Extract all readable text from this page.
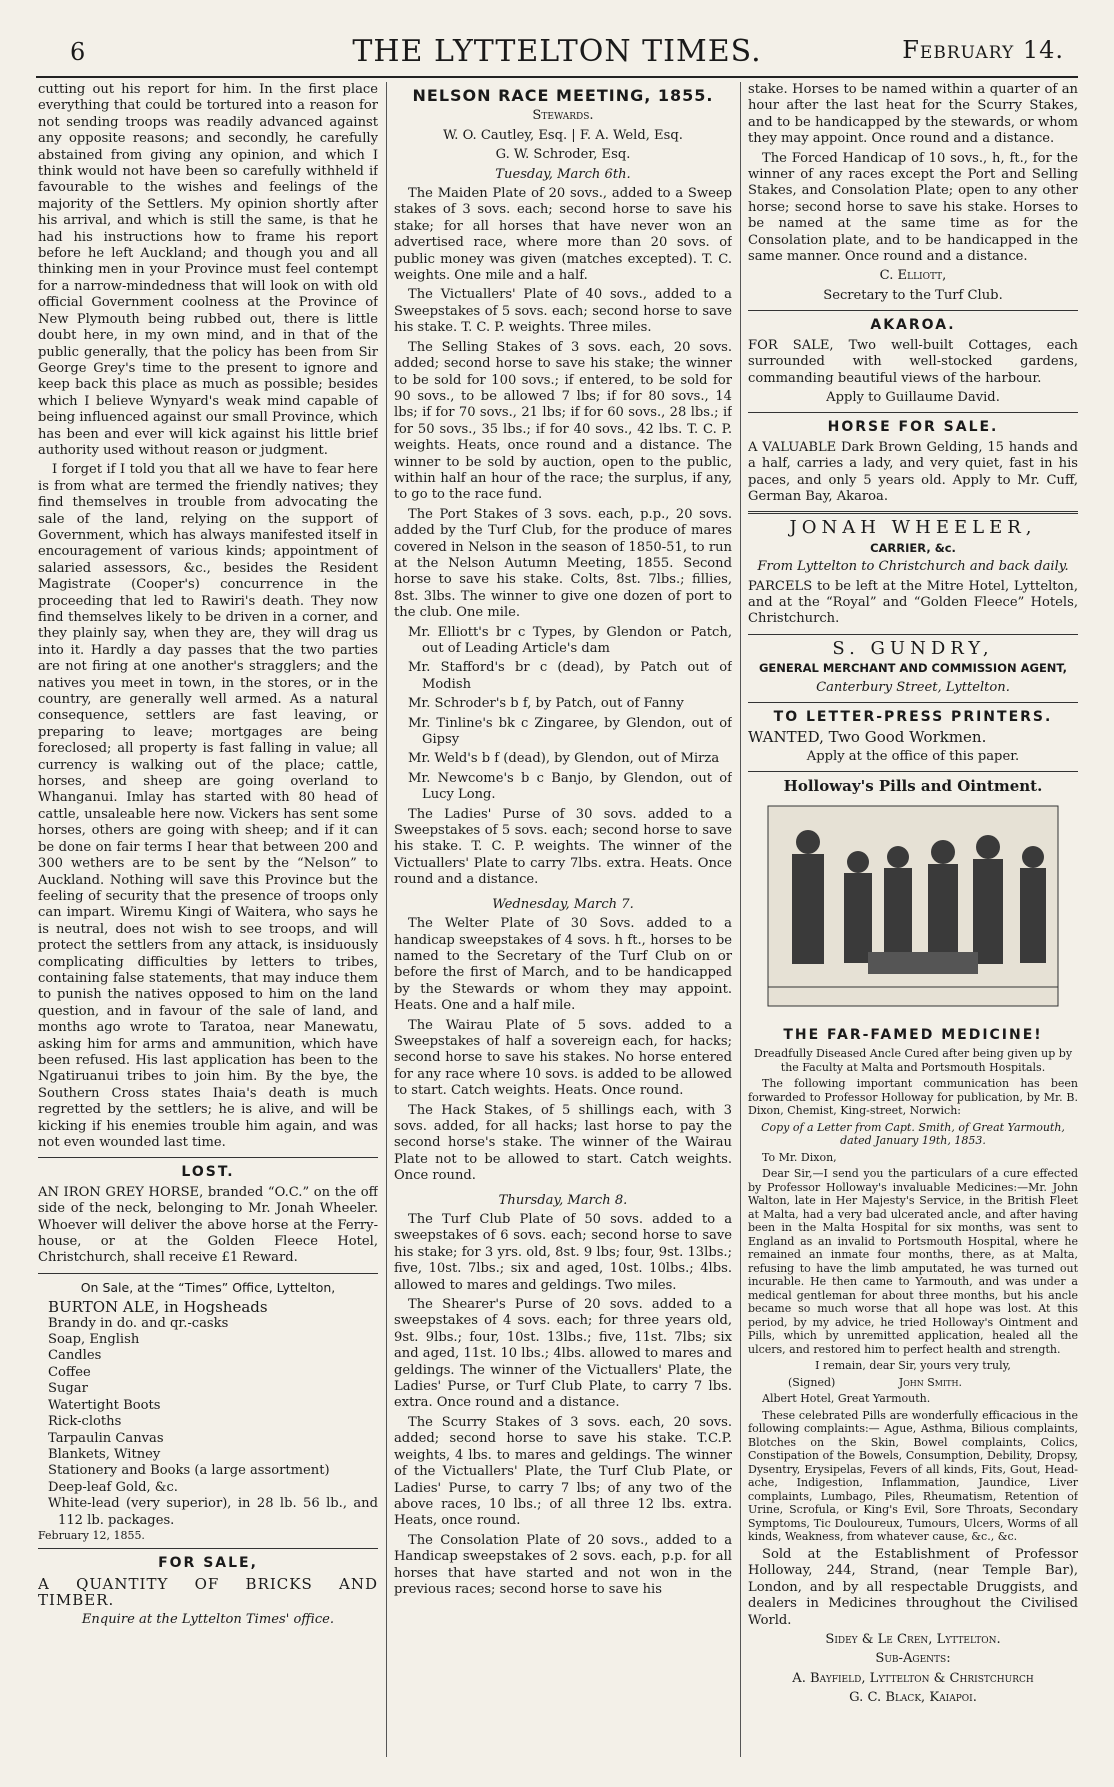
6	THE LYTTELTON TIMES.	February 14.

cutting out his report for him. In the first place everything that could be tortured into a reason for not sending troops was readily advanced against any opposite reasons; and secondly, he carefully abstained from giving any opinion, and which I think would not have been so carefully withheld if favourable to the wishes and feelings of the majority of the Settlers. My opinion shortly after his arrival, and which is still the same, is that he had his instructions how to frame his report before he left Auckland; and though you and all thinking men in your Province must feel contempt for a narrow-mindedness that will look on with old official Government coolness at the Province of New Plymouth being rubbed out, there is little doubt here, in my own mind, and in that of the public generally, that the policy has been from Sir George Grey's time to the present to ignore and keep back this place as much as possible; besides which I believe Wynyard's weak mind capable of being influenced against our small Province, which has been and ever will kick against his little brief authority used without reason or judgment.

I forget if I told you that all we have to fear here is from what are termed the friendly natives; they find themselves in trouble from advocating the sale of the land, relying on the support of Government, which has always manifested itself in encouragement of various kinds; appointment of salaried assessors, &c., besides the Resident Magistrate (Cooper's) concurrence in the proceeding that led to Rawiri's death. They now find themselves likely to be driven in a corner, and they plainly say, when they are, they will drag us into it. Hardly a day passes that the two parties are not firing at one another's stragglers; and the natives you meet in town, in the stores, or in the country, are generally well armed. As a natural consequence, settlers are fast leaving, or preparing to leave; mortgages are being foreclosed; all property is fast falling in value; all currency is walking out of the place; cattle, horses, and sheep are going overland to Whanganui. Imlay has started with 80 head of cattle, unsaleable here now. Vickers has sent some horses, others are going with sheep; and if it can be done on fair terms I hear that between 200 and 300 wethers are to be sent by the “Nelson” to Auckland. Nothing will save this Province but the feeling of security that the presence of troops only can impart. Wiremu Kingi of Waitera, who says he is neutral, does not wish to see troops, and will protect the settlers from any attack, is insiduously complicating difficulties by letters to tribes, containing false statements, that may induce them to punish the natives opposed to him on the land question, and in favour of the sale of land, and months ago wrote to Taratoa, near Manewatu, asking him for arms and ammunition, which have been refused. His last application has been to the Ngatiruanui tribes to join him. By the bye, the Southern Cross states Ihaia's death is much regretted by the settlers; he is alive, and will be kicking if his enemies trouble him again, and was not even wounded last time.

LOST.

AN IRON GREY HORSE, branded “O.C.” on the off side of the neck, belonging to Mr. Jonah Wheeler. Whoever will deliver the above horse at the Ferry-house, or at the Golden Fleece Hotel, Christchurch, shall receive £1 Reward.

On Sale, at the “Times” Office, Lyttelton,

BURTON ALE, in Hogsheads
Brandy in do. and qr.-casks
Soap, English
Candles
Coffee
Sugar
Watertight Boots
Rick-cloths
Tarpaulin Canvas
Blankets, Witney
Stationery and Books (a large assortment)
Deep-leaf Gold, &c.
White-lead (very superior), in 28 lb. 56 lb., and 112 lb. packages.

February 12, 1855.

FOR SALE,

A QUANTITY OF BRICKS AND TIMBER.

Enquire at the Lyttelton Times' office.

NELSON RACE MEETING, 1855.

Stewards.

W. O. Cautley, Esq. | F. A. Weld, Esq.

G. W. Schroder, Esq.

Tuesday, March 6th.

The Maiden Plate of 20 sovs., added to a Sweep stakes of 3 sovs. each; second horse to save his stake; for all horses that have never won an advertised race, where more than 20 sovs. of public money was given (matches excepted). T. C. weights. One mile and a half.

The Victuallers' Plate of 40 sovs., added to a Sweepstakes of 5 sovs. each; second horse to save his stake. T. C. P. weights. Three miles.

The Selling Stakes of 3 sovs. each, 20 sovs. added; second horse to save his stake; the winner to be sold for 100 sovs.; if entered, to be sold for 90 sovs., to be allowed 7 lbs; if for 80 sovs., 14 lbs; if for 70 sovs., 21 lbs; if for 60 sovs., 28 lbs.; if for 50 sovs., 35 lbs.; if for 40 sovs., 42 lbs. T. C. P. weights. Heats, once round and a distance. The winner to be sold by auction, open to the public, within half an hour of the race; the surplus, if any, to go to the race fund.

The Port Stakes of 3 sovs. each, p.p., 20 sovs. added by the Turf Club, for the produce of mares covered in Nelson in the season of 1850-51, to run at the Nelson Autumn Meeting, 1855. Second horse to save his stake. Colts, 8st. 7lbs.; fillies, 8st. 3lbs. The winner to give one dozen of port to the club. One mile.

Mr. Elliott's br c Types, by Glendon or Patch, out of Leading Article's dam

Mr. Stafford's br c (dead), by Patch out of Modish

Mr. Schroder's b f, by Patch, out of Fanny

Mr. Tinline's bk c Zingaree, by Glendon, out of Gipsy

Mr. Weld's b f (dead), by Glendon, out of Mirza

Mr. Newcome's b c Banjo, by Glendon, out of Lucy Long.

The Ladies' Purse of 30 sovs. added to a Sweepstakes of 5 sovs. each; second horse to save his stake. T. C. P. weights. The winner of the Victuallers' Plate to carry 7lbs. extra. Heats. Once round and a distance.

Wednesday, March 7.

The Welter Plate of 30 Sovs. added to a handicap sweepstakes of 4 sovs. h ft., horses to be named to the Secretary of the Turf Club on or before the first of March, and to be handicapped by the Stewards or whom they may appoint. Heats. One and a half mile.

The Wairau Plate of 5 sovs. added to a Sweepstakes of half a sovereign each, for hacks; second horse to save his stakes. No horse entered for any race where 10 sovs. is added to be allowed to start. Catch weights. Heats. Once round.

The Hack Stakes, of 5 shillings each, with 3 sovs. added, for all hacks; last horse to pay the second horse's stake. The winner of the Wairau Plate not to be allowed to start. Catch weights. Once round.

Thursday, March 8.

The Turf Club Plate of 50 sovs. added to a sweepstakes of 6 sovs. each; second horse to save his stake; for 3 yrs. old, 8st. 9 lbs; four, 9st. 13lbs.; five, 10st. 7lbs.; six and aged, 10st. 10lbs.; 4lbs. allowed to mares and geldings. Two miles.

The Shearer's Purse of 20 sovs. added to a sweepstakes of 4 sovs. each; for three years old, 9st. 9lbs.; four, 10st. 13lbs.; five, 11st. 7lbs; six and aged, 11st. 10 lbs.; 4lbs. allowed to mares and geldings. The winner of the Victuallers' Plate, the Ladies' Purse, or Turf Club Plate, to carry 7 lbs. extra. Once round and a distance.

The Scurry Stakes of 3 sovs. each, 20 sovs. added; second horse to save his stake. T.C.P. weights, 4 lbs. to mares and geldings. The winner of the Victuallers' Plate, the Turf Club Plate, or Ladies' Purse, to carry 7 lbs; of any two of the above races, 10 lbs.; of all three 12 lbs. extra. Heats, once round.

The Consolation Plate of 20 sovs., added to a Handicap sweepstakes of 2 sovs. each, p.p. for all horses that have started and not won in the previous races; second horse to save his

stake. Horses to be named within a quarter of an hour after the last heat for the Scurry Stakes, and to be handicapped by the stewards, or whom they may appoint. Once round and a distance.

The Forced Handicap of 10 sovs., h, ft., for the winner of any races except the Port and Selling Stakes, and Consolation Plate; open to any other horse; second horse to save his stake. Horses to be named at the same time as for the Consolation plate, and to be handicapped in the same manner. Once round and a distance.

C. Elliott,

Secretary to the Turf Club.

AKAROA.

FOR SALE, Two well-built Cottages, each surrounded with well-stocked gardens, commanding beautiful views of the harbour.

Apply to Guillaume David.

HORSE FOR SALE.

A VALUABLE Dark Brown Gelding, 15 hands and a half, carries a lady, and very quiet, fast in his paces, and only 5 years old. Apply to Mr. Cuff, German Bay, Akaroa.

JONAH WHEELER,

CARRIER, &c.

From Lyttelton to Christchurch and back daily.

PARCELS to be left at the Mitre Hotel, Lyttelton, and at the “Royal” and “Golden Fleece” Hotels, Christchurch.

S. GUNDRY,

GENERAL MERCHANT AND COMMISSION AGENT,

Canterbury Street, Lyttelton.

TO LETTER-PRESS PRINTERS.

WANTED, Two Good Workmen.

Apply at the office of this paper.

Holloway's Pills and Ointment.

THE FAR-FAMED MEDICINE!

Dreadfully Diseased Ancle Cured after being given up by the Faculty at Malta and Portsmouth Hospitals.

The following important communication has been forwarded to Professor Holloway for publication, by Mr. B. Dixon, Chemist, King-street, Norwich:

Copy of a Letter from Capt. Smith, of Great Yarmouth, dated January 19th, 1853.

To Mr. Dixon,

Dear Sir,—I send you the particulars of a cure effected by Professor Holloway's invaluable Medicines:—Mr. John Walton, late in Her Majesty's Service, in the British Fleet at Malta, had a very bad ulcerated ancle, and after having been in the Malta Hospital for six months, was sent to England as an invalid to Portsmouth Hospital, where he remained an inmate four months, there, as at Malta, refusing to have the limb amputated, he was turned out incurable. He then came to Yarmouth, and was under a medical gentleman for about three months, but his ancle became so much worse that all hope was lost. At this period, by my advice, he tried Holloway's Ointment and Pills, which by unremitted application, healed all the ulcers, and restored him to perfect health and strength.

I remain, dear Sir, yours very truly,

(Signed)	John Smith.

Albert Hotel, Great Yarmouth.

These celebrated Pills are wonderfully efficacious in the following complaints:— Ague, Asthma, Bilious complaints, Blotches on the Skin, Bowel complaints, Colics, Constipation of the Bowels, Consumption, Debility, Dropsy, Dysentry, Erysipelas, Fevers of all kinds, Fits, Gout, Head-ache, Indigestion, Inflammation, Jaundice, Liver complaints, Lumbago, Piles, Rheumatism, Retention of Urine, Scrofula, or King's Evil, Sore Throats, Secondary Symptoms, Tic Douloureux, Tumours, Ulcers, Worms of all kinds, Weakness, from whatever cause, &c., &c.

Sold at the Establishment of Professor Holloway, 244, Strand, (near Temple Bar), London, and by all respectable Druggists, and dealers in Medicines throughout the Civilised World.

Sidey & Le Cren, Lyttelton.

Sub-Agents:

A. Bayfield, Lyttelton & Christchurch

G. C. Black, Kaiapoi.
